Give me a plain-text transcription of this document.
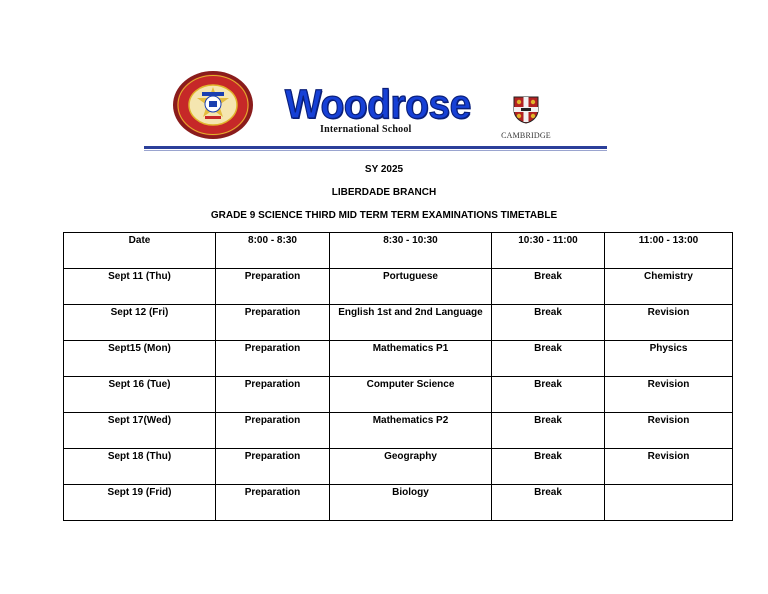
Woodrose
International School
CAMBRIDGE
SY 2025
LIBERDADE BRANCH
GRADE 9 SCIENCE THIRD MID TERM TERM EXAMINATIONS TIMETABLE
Date	8:00 - 8:30	8:30 - 10:30	10:30 - 11:00	11:00 - 13:00
Sept 11 (Thu)	Preparation	Portuguese	Break	Chemistry
Sept 12 (Fri)	Preparation	English 1st and 2nd Language	Break	Revision
Sept15 (Mon)	Preparation	Mathematics P1	Break	Physics
Sept 16 (Tue)	Preparation	Computer Science	Break	Revision
Sept 17(Wed)	Preparation	Mathematics P2	Break	Revision
Sept 18 (Thu)	Preparation	Geography	Break	Revision
Sept 19 (Frid)	Preparation	Biology	Break	
